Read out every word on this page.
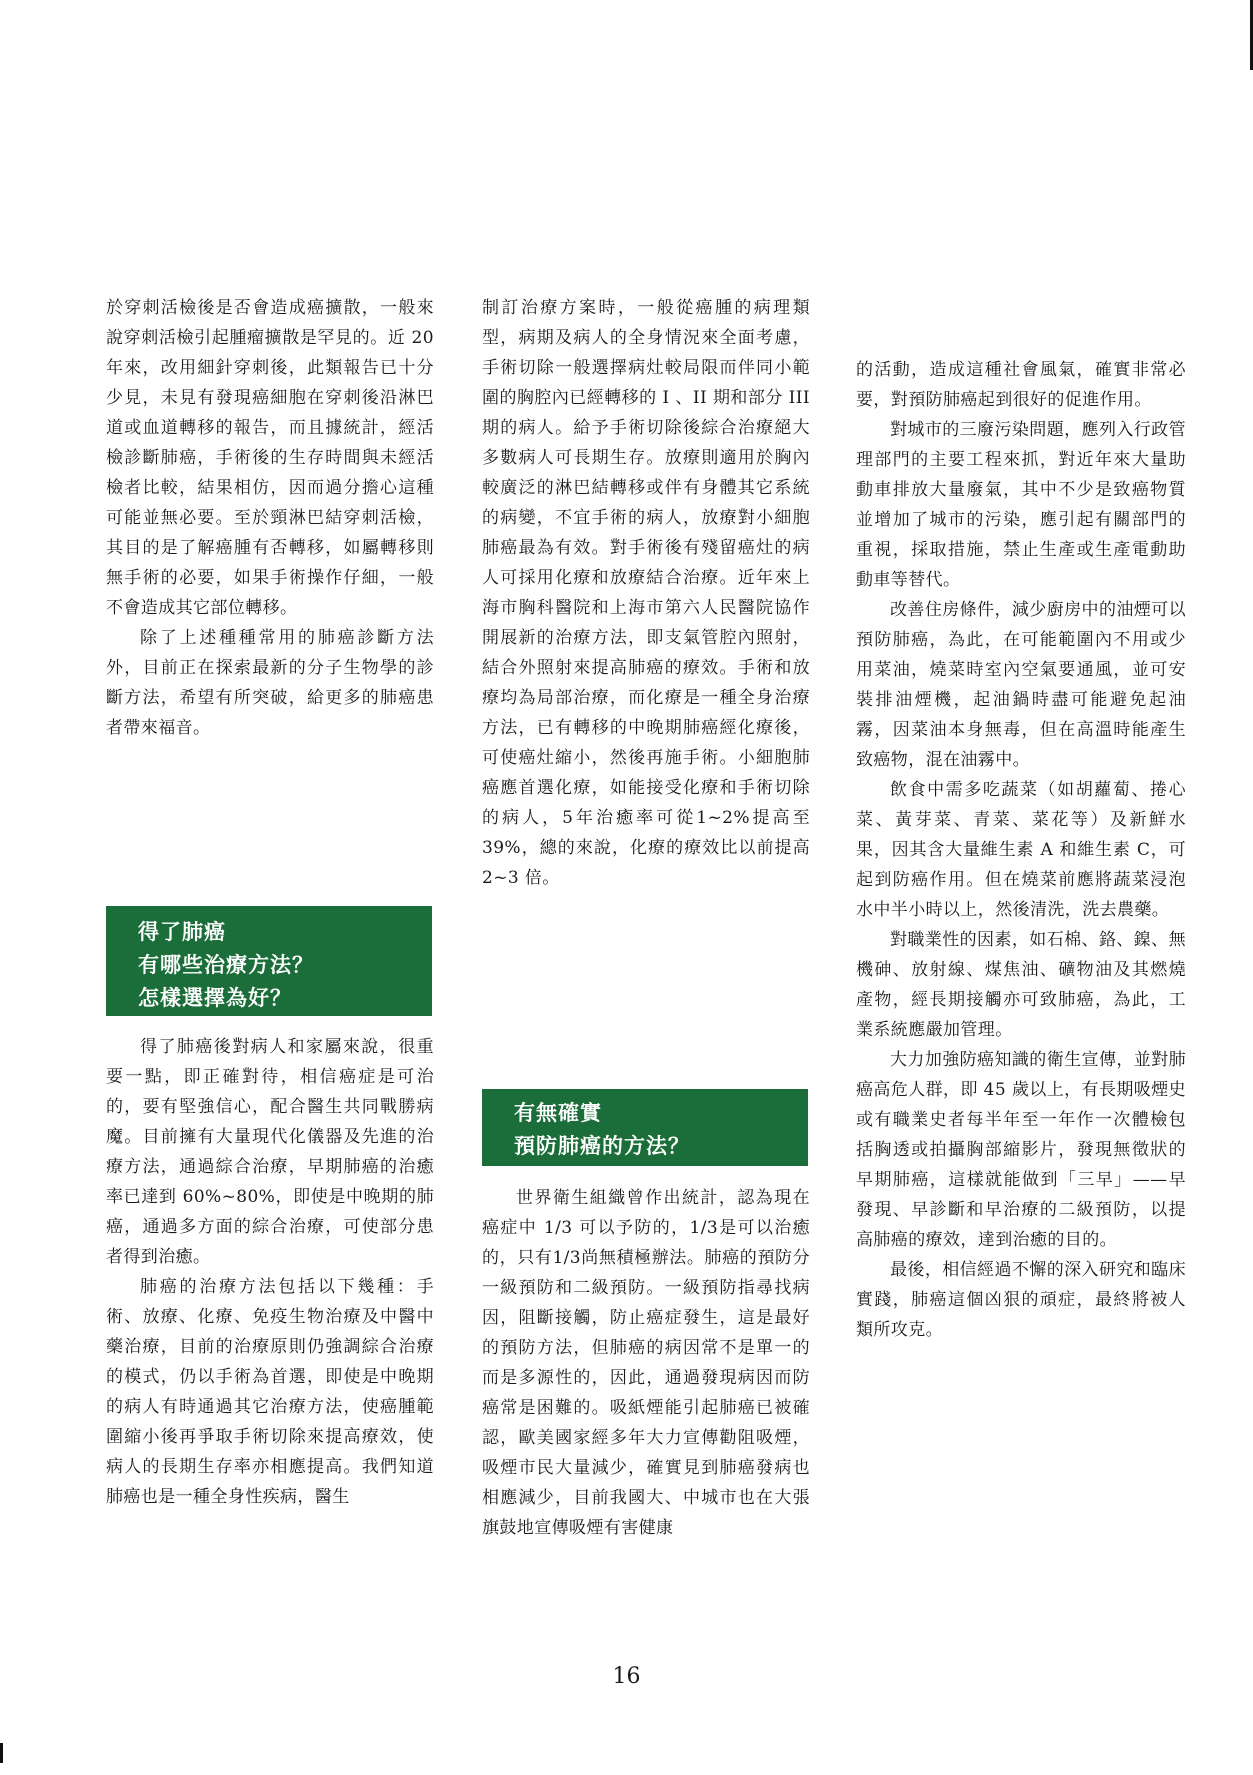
於穿刺活檢後是否會造成癌擴散，一般來說穿刺活檢引起腫瘤擴散是罕見的。近 20 年來，改用細針穿刺後，此類報告已十分少見，未見有發現癌細胞在穿刺後沿淋巴道或血道轉移的報告，而且據統計，經活檢診斷肺癌，手術後的生存時間與未經活檢者比較，結果相仿，因而過分擔心這種可能並無必要。至於頸淋巴結穿刺活檢，其目的是了解癌腫有否轉移，如屬轉移則無手術的必要，如果手術操作仔細，一般不會造成其它部位轉移。

除了上述種種常用的肺癌診斷方法外，目前正在探索最新的分子生物學的診斷方法，希望有所突破，給更多的肺癌患者帶來福音。

得了肺癌
有哪些治療方法？
怎樣選擇為好？

得了肺癌後對病人和家屬來說，很重要一點，即正確對待，相信癌症是可治的，要有堅強信心，配合醫生共同戰勝病魔。目前擁有大量現代化儀器及先進的治療方法，通過綜合治療，早期肺癌的治癒率已達到 60%~80%，即使是中晚期的肺癌，通過多方面的綜合治療，可使部分患者得到治癒。

肺癌的治療方法包括以下幾種：手術、放療、化療、免疫生物治療及中醫中藥治療，目前的治療原則仍強調綜合治療的模式，仍以手術為首選，即使是中晚期的病人有時通過其它治療方法，使癌腫範圍縮小後再爭取手術切除來提高療效，使病人的長期生存率亦相應提高。我們知道肺癌也是一種全身性疾病，醫生

制訂治療方案時，一般從癌腫的病理類型，病期及病人的全身情況來全面考慮，手術切除一般選擇病灶較局限而伴同小範圍的胸腔內已經轉移的 I 、II 期和部分 III 期的病人。給予手術切除後綜合治療絕大多數病人可長期生存。放療則適用於胸內較廣泛的淋巴結轉移或伴有身體其它系統的病變，不宜手術的病人，放療對小細胞肺癌最為有效。對手術後有殘留癌灶的病人可採用化療和放療結合治療。近年來上海市胸科醫院和上海市第六人民醫院協作開展新的治療方法，即支氣管腔內照射，結合外照射來提高肺癌的療效。手術和放療均為局部治療，而化療是一種全身治療方法，已有轉移的中晚期肺癌經化療後，可使癌灶縮小，然後再施手術。小細胞肺癌應首選化療，如能接受化療和手術切除的病人，5年治癒率可從1~2%提高至 39%，總的來說，化療的療效比以前提高 2~3 倍。

有無確實
預防肺癌的方法？

世界衛生組織曾作出統計，認為現在癌症中 1/3 可以予防的，1/3是可以治癒的，只有1/3尚無積極辦法。肺癌的預防分一級預防和二級預防。一級預防指尋找病因，阻斷接觸，防止癌症發生，這是最好的預防方法，但肺癌的病因常不是單一的而是多源性的，因此，通過發現病因而防癌常是困難的。吸紙煙能引起肺癌已被確認，歐美國家經多年大力宣傳勸阻吸煙，吸煙市民大量減少，確實見到肺癌發病也相應減少，目前我國大、中城市也在大張旗鼓地宣傳吸煙有害健康

的活動，造成這種社會風氣，確實非常必要，對預防肺癌起到很好的促進作用。

對城市的三廢污染問題，應列入行政管理部門的主要工程來抓，對近年來大量助動車排放大量廢氣，其中不少是致癌物質並增加了城市的污染，應引起有關部門的重視，採取措施，禁止生產或生產電動助動車等替代。

改善住房條件，減少廚房中的油煙可以預防肺癌，為此，在可能範圍內不用或少用菜油，燒菜時室內空氣要通風，並可安裝排油煙機，起油鍋時盡可能避免起油霧，因菜油本身無毒，但在高溫時能產生致癌物，混在油霧中。

飲食中需多吃蔬菜（如胡蘿蔔、捲心菜、黃芽菜、青菜、菜花等）及新鮮水果，因其含大量維生素 A 和維生素 C，可起到防癌作用。但在燒菜前應將蔬菜浸泡水中半小時以上，然後清洗，洗去農藥。

對職業性的因素，如石棉、鉻、鎳、無機砷、放射線、煤焦油、礦物油及其燃燒產物，經長期接觸亦可致肺癌，為此，工業系統應嚴加管理。

大力加強防癌知識的衛生宣傳，並對肺癌高危人群，即 45 歲以上，有長期吸煙史或有職業史者每半年至一年作一次體檢包括胸透或拍攝胸部縮影片，發現無徵狀的早期肺癌，這樣就能做到「三早」——早發現、早診斷和早治療的二級預防，以提高肺癌的療效，達到治癒的目的。

最後，相信經過不懈的深入研究和臨床實踐，肺癌這個凶狠的頑症，最終將被人類所攻克。

16
